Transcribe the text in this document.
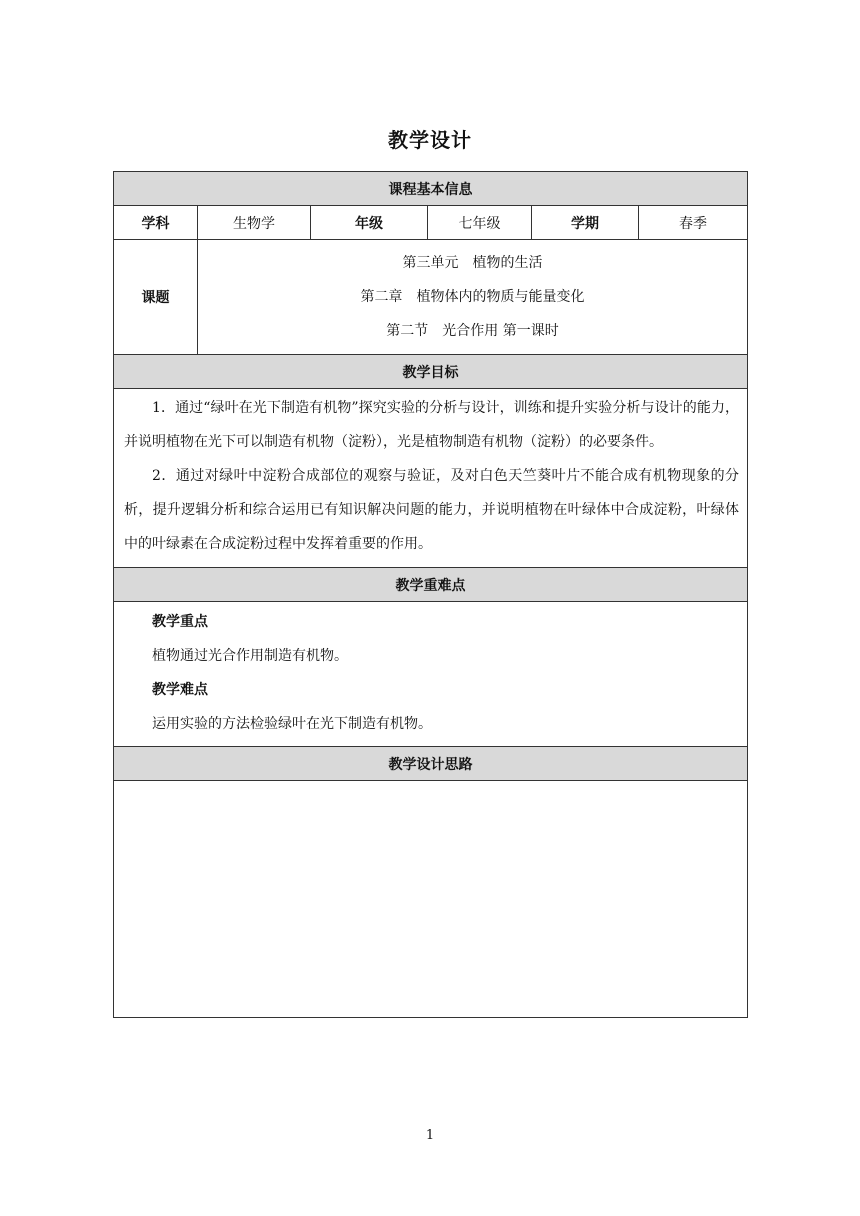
教学设计
课程基本信息					
学科	生物学	年级	七年级	学期	春季
课题	第三单元　植物的生活
第二章　植物体内的物质与能量变化
第二节　光合作用 第一课时				

教学目标					

1．通过“绿叶在光下制造有机物”探究实验的分析与设计，训练和提升实验分析与设计的能力，并说明植物在光下可以制造有机物（淀粉），光是植物制造有机物（淀粉）的必要条件。

2．通过对绿叶中淀粉合成部位的观察与验证，及对白色天竺葵叶片不能合成有机物现象的分析，提升逻辑分析和综合运用已有知识解决问题的能力，并说明植物在叶绿体中合成淀粉，叶绿体中的叶绿素在合成淀粉过程中发挥着重要的作用。					

教学重难点					

教学重点

植物通过光合作用制造有机物。

教学难点

运用实验的方法检验绿叶在光下制造有机物。					

教学设计思路					

1
